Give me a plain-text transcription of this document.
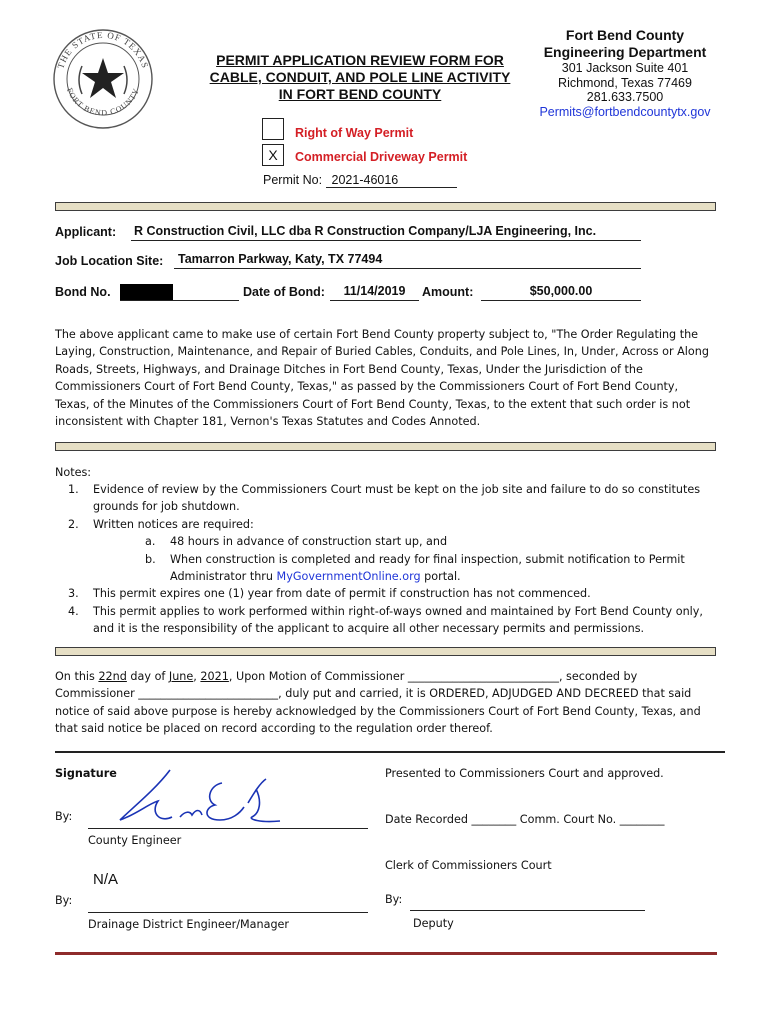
THE STATE OF TEXAS
FORT BEND COUNTY
PERMIT APPLICATION REVIEW FORM FOR
CABLE, CONDUIT, AND POLE LINE ACTIVITY
IN FORT BEND COUNTY
Fort Bend County
Engineering Department
301 Jackson Suite 401
Richmond, Texas 77469
281.633.7500
Permits@fortbendcountytx.gov
Right of Way Permit
X	Commercial Driveway Permit
Permit No: 2021-46016
Applicant: R Construction Civil, LLC dba R Construction Company/LJA Engineering, Inc.
Job Location Site:	Tamarron Parkway, Katy, TX 77494
Bond No.	Date of Bond:	11/14/2019	Amount:	$50,000.00
The above applicant came to make use of certain Fort Bend County property subject to, "The Order Regulating the
Laying, Construction, Maintenance, and Repair of Buried Cables, Conduits, and Pole Lines, In, Under, Across or Along
Roads, Streets, Highways, and Drainage Ditches in Fort Bend County, Texas, Under the Jurisdiction of the
Commissioners Court of Fort Bend County, Texas," as passed by the Commissioners Court of Fort Bend County,
Texas, of the Minutes of the Commissioners Court of Fort Bend County, Texas, to the extent that such order is not
inconsistent with Chapter 181, Vernon's Texas Statutes and Codes Annoted.
Notes:
1. Evidence of review by the Commissioners Court must be kept on the job site and failure to do so constitutes
grounds for job shutdown.
2. Written notices are required:
a. 48 hours in advance of construction start up, and
b. When construction is completed and ready for final inspection, submit notification to Permit
Administrator thru MyGovernmentOnline.org portal.
3. This permit expires one (1) year from date of permit if construction has not commenced.
4. This permit applies to work performed within right-of-ways owned and maintained by Fort Bend County only,
and it is the responsibility of the applicant to acquire all other necessary permits and permissions.
On this 22nd day of June, 2021, Upon Motion of Commissioner ___________________________, seconded by
Commissioner _________________________, duly put and carried, it is ORDERED, ADJUDGED AND DECREED that said
notice of said above purpose is hereby acknowledged by the Commissioners Court of Fort Bend County, Texas, and
that said notice be placed on record according to the regulation order thereof.
Signature
By:
County Engineer
N/A
By:
Drainage District Engineer/Manager
Presented to Commissioners Court and approved.
Date Recorded ________ Comm. Court No. ________
Clerk of Commissioners Court
By:
Deputy
